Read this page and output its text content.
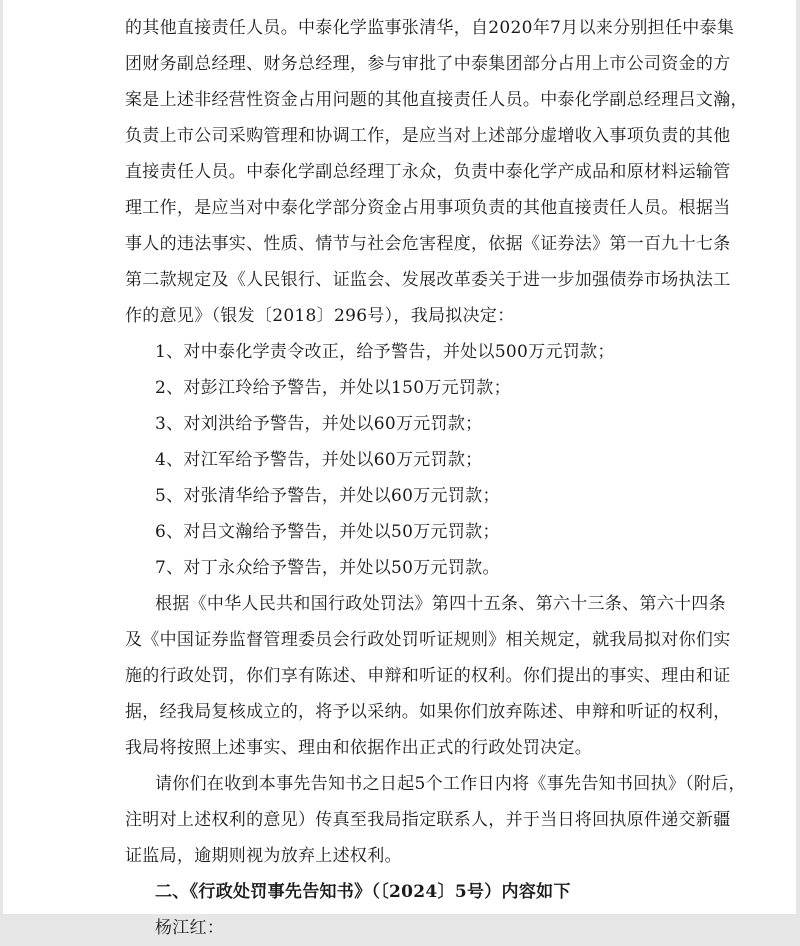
的其他直接责任人员。中泰化学监事张清华，自2020年7月以来分别担任中泰集
团财务副总经理、财务总经理，参与审批了中泰集团部分占用上市公司资金的方
案是上述非经营性资金占用问题的其他直接责任人员。中泰化学副总经理吕文瀚，
负责上市公司采购管理和协调工作，是应当对上述部分虚增收入事项负责的其他
直接责任人员。中泰化学副总经理丁永众，负责中泰化学产成品和原材料运输管
理工作，是应当对中泰化学部分资金占用事项负责的其他直接责任人员。根据当
事人的违法事实、性质、情节与社会危害程度，依据《证券法》第一百九十七条
第二款规定及《人民银行、证监会、发展改革委关于进一步加强债券市场执法工
作的意见》（银发〔2018〕296号），我局拟决定：
1、对中泰化学责令改正，给予警告，并处以500万元罚款；
2、对彭江玲给予警告，并处以150万元罚款；
3、对刘洪给予警告，并处以60万元罚款；
4、对江军给予警告，并处以60万元罚款；
5、对张清华给予警告，并处以60万元罚款；
6、对吕文瀚给予警告，并处以50万元罚款；
7、对丁永众给予警告，并处以50万元罚款。
根据《中华人民共和国行政处罚法》第四十五条、第六十三条、第六十四条
及《中国证券监督管理委员会行政处罚听证规则》相关规定，就我局拟对你们实
施的行政处罚，你们享有陈述、申辩和听证的权利。你们提出的事实、理由和证
据，经我局复核成立的，将予以采纳。如果你们放弃陈述、申辩和听证的权利，
我局将按照上述事实、理由和依据作出正式的行政处罚决定。
请你们在收到本事先告知书之日起5个工作日内将《事先告知书回执》（附后，
注明对上述权利的意见）传真至我局指定联系人，并于当日将回执原件递交新疆
证监局，逾期则视为放弃上述权利。
二、《行政处罚事先告知书》（〔2024〕5号）内容如下
杨江红：
